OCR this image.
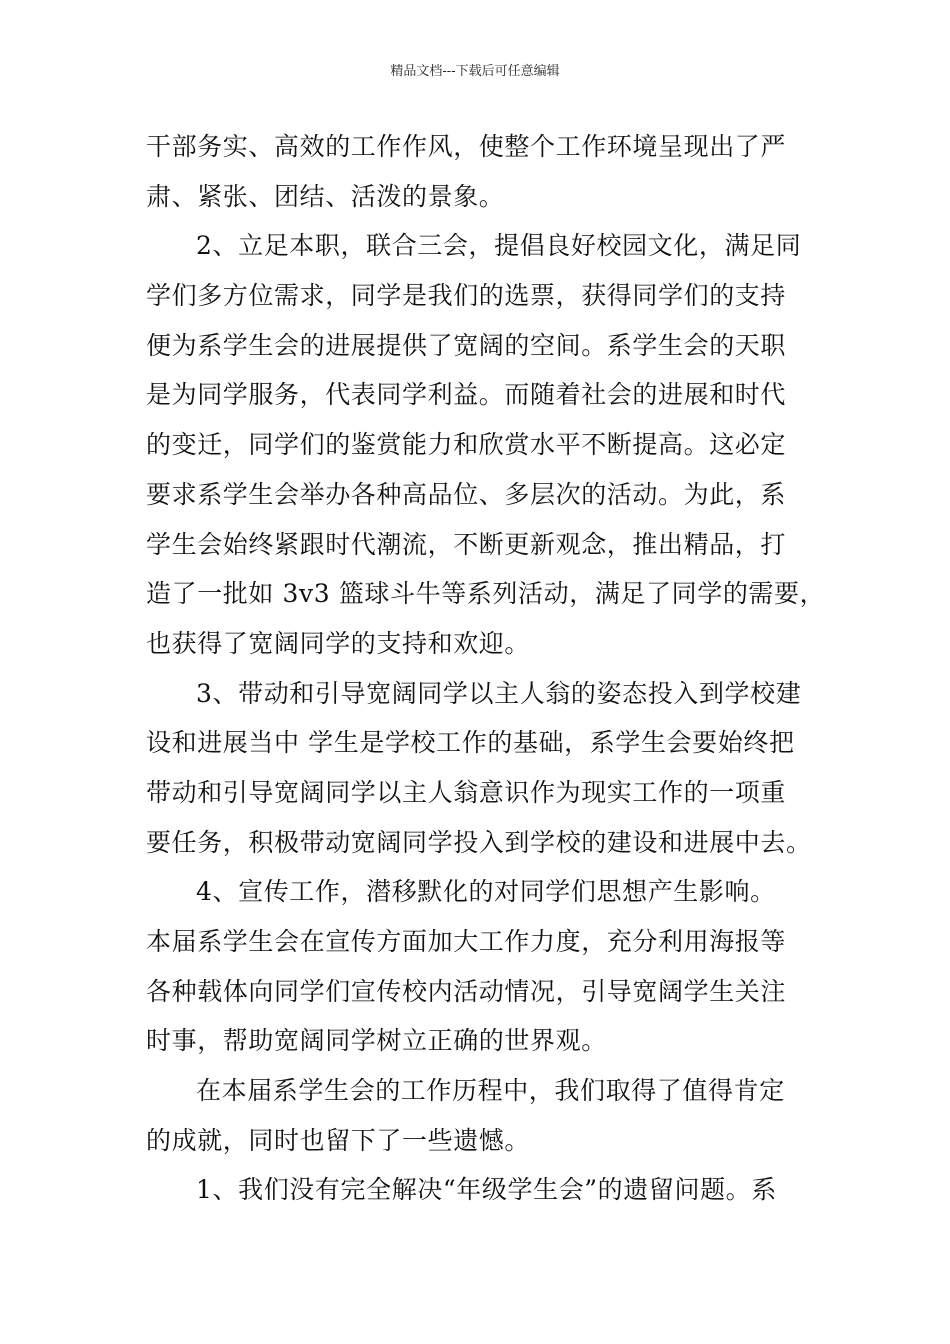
精品文档---下载后可任意编辑
干部务实、高效的工作作风，使整个工作环境呈现出了严
肃、紧张、团结、活泼的景象。
2、立足本职，联合三会，提倡良好校园文化，满足同
学们多方位需求，同学是我们的选票，获得同学们的支持
便为系学生会的进展提供了宽阔的空间。系学生会的天职
是为同学服务，代表同学利益。而随着社会的进展和时代
的变迁，同学们的鉴赏能力和欣赏水平不断提高。这必定
要求系学生会举办各种高品位、多层次的活动。为此，系
学生会始终紧跟时代潮流，不断更新观念，推出精品，打
造了一批如 3v3 篮球斗牛等系列活动，满足了同学的需要，
也获得了宽阔同学的支持和欢迎。
3、带动和引导宽阔同学以主人翁的姿态投入到学校建
设和进展当中 学生是学校工作的基础，系学生会要始终把
带动和引导宽阔同学以主人翁意识作为现实工作的一项重
要任务，积极带动宽阔同学投入到学校的建设和进展中去。
4、宣传工作，潜移默化的对同学们思想产生影响。
本届系学生会在宣传方面加大工作力度，充分利用海报等
各种载体向同学们宣传校内活动情况，引导宽阔学生关注
时事，帮助宽阔同学树立正确的世界观。
在本届系学生会的工作历程中，我们取得了值得肯定
的成就，同时也留下了一些遗憾。
1、我们没有完全解决“年级学生会”的遗留问题。系
